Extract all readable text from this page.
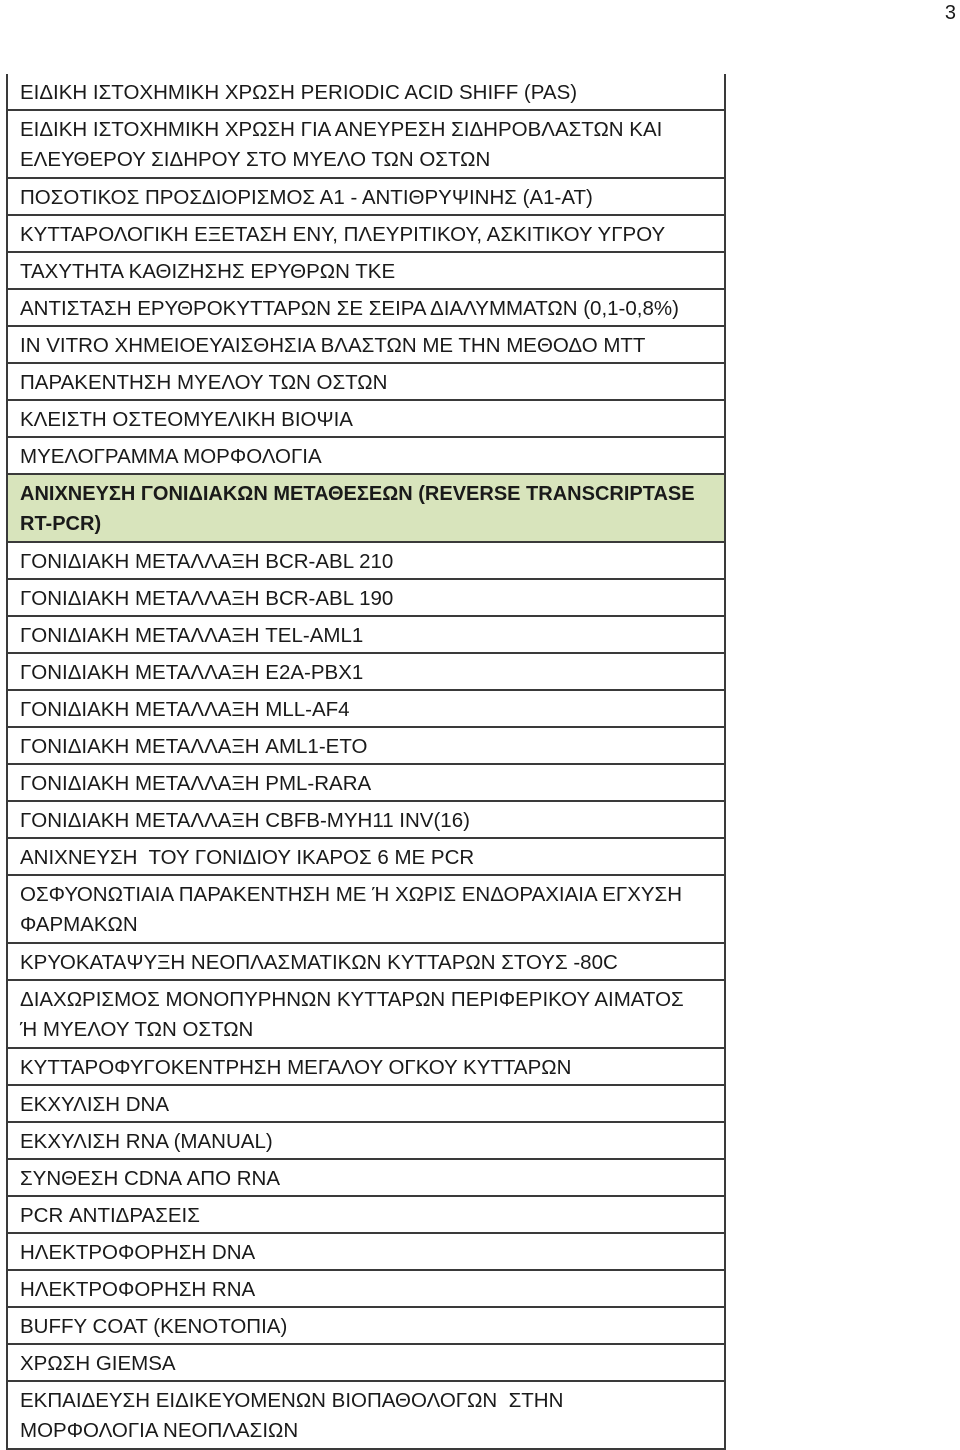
3
ΕΙΔΙΚΗ ΙΣΤΟΧΗΜΙΚΗ ΧΡΩΣΗ PERIODIC ACID SHIFF (PAS)
ΕΙΔΙΚΗ ΙΣΤΟΧΗΜΙΚΗ ΧΡΩΣΗ ΓΙΑ ΑΝΕΥΡΕΣΗ ΣΙΔΗΡΟΒΛΑΣΤΩΝ ΚΑΙ
ΕΛΕΥΘΕΡΟΥ ΣΙΔΗΡΟΥ ΣΤΟ ΜΥΕΛΟ ΤΩΝ ΟΣΤΩΝ
ΠΟΣΟΤΙΚΟΣ ΠΡΟΣΔΙΟΡΙΣΜΟΣ Α1 - ΑΝΤΙΘΡΥΨΙΝΗΣ (Α1-ΑΤ)
ΚΥΤΤΑΡΟΛΟΓΙΚΗ ΕΞΕΤΑΣΗ ΕΝΥ, ΠΛΕΥΡΙΤΙΚΟΥ, ΑΣΚΙΤΙΚΟΥ ΥΓΡΟΥ
ΤΑΧΥΤΗΤΑ ΚΑΘΙΖΗΣΗΣ ΕΡΥΘΡΩΝ ΤΚΕ
ΑΝΤΙΣΤΑΣΗ ΕΡΥΘΡΟΚΥΤΤΑΡΩΝ ΣΕ ΣΕΙΡΑ ΔΙΑΛΥΜΜΑΤΩΝ (0,1-0,8%)
IN VITRO ΧΗΜΕΙΟΕΥΑΙΣΘΗΣΙΑ ΒΛΑΣΤΩΝ ΜΕ ΤΗΝ ΜΕΘΟΔΟ ΜΤΤ
ΠΑΡΑΚΕΝΤΗΣΗ ΜΥΕΛΟΥ ΤΩΝ ΟΣΤΩΝ
ΚΛΕΙΣΤΗ ΟΣΤΕΟΜΥΕΛΙΚΗ ΒΙΟΨΙΑ
ΜΥΕΛΟΓΡΑΜΜΑ ΜΟΡΦΟΛΟΓΙΑ
ΑΝΙΧΝΕΥΣΗ ΓΟΝΙΔΙΑΚΩΝ ΜΕΤΑΘΕΣΕΩΝ (REVERSE TRANSCRIPTASE
RT-PCR)
ΓΟΝΙΔΙΑΚΗ ΜΕΤΑΛΛΑΞΗ BCR-ABL 210
ΓΟΝΙΔΙΑΚΗ ΜΕΤΑΛΛΑΞΗ BCR-ABL 190
ΓΟΝΙΔΙΑΚΗ ΜΕΤΑΛΛΑΞΗ TEL-AML1
ΓΟΝΙΔΙΑΚΗ ΜΕΤΑΛΛΑΞΗ E2A-PBX1
ΓΟΝΙΔΙΑΚΗ ΜΕΤΑΛΛΑΞΗ MLL-AF4
ΓΟΝΙΔΙΑΚΗ ΜΕΤΑΛΛΑΞΗ AML1-ETO
ΓΟΝΙΔΙΑΚΗ ΜΕΤΑΛΛΑΞΗ PML-RARA
ΓΟΝΙΔΙΑΚΗ ΜΕΤΑΛΛΑΞΗ CBFB-MYH11 INV(16)
ΑΝΙΧΝΕΥΣΗ  ΤΟΥ ΓΟΝΙΔΙΟΥ ΙΚΑΡΟΣ 6 ΜΕ PCR
ΟΣΦΥΟΝΩΤΙΑΙΑ ΠΑΡΑΚΕΝΤΗΣΗ ΜΕ Ή ΧΩΡΙΣ ΕΝΔΟΡΑΧΙΑΙΑ ΕΓΧΥΣΗ
ΦΑΡΜΑΚΩΝ
ΚΡΥΟΚΑΤΑΨΥΞΗ ΝΕΟΠΛΑΣΜΑΤΙΚΩΝ ΚΥΤΤΑΡΩΝ ΣΤΟΥΣ -80C
ΔΙΑΧΩΡΙΣΜΟΣ ΜΟΝΟΠΥΡΗΝΩΝ ΚΥΤΤΑΡΩΝ ΠΕΡΙΦΕΡΙΚΟΥ ΑΙΜΑΤΟΣ
Ή ΜΥΕΛΟΥ ΤΩΝ ΟΣΤΩΝ
ΚΥΤΤΑΡΟΦΥΓΟΚΕΝΤΡΗΣΗ ΜΕΓΑΛΟΥ ΟΓΚΟΥ ΚΥΤΤΑΡΩΝ
ΕΚΧΥΛΙΣΗ DNA
ΕΚΧΥΛΙΣΗ RNA (MANUAL)
ΣΥΝΘΕΣΗ CDNA ΑΠΟ RNA
PCR ΑΝΤΙΔΡΑΣΕΙΣ
ΗΛΕΚΤΡΟΦΟΡΗΣΗ DNA
ΗΛΕΚΤΡΟΦΟΡΗΣΗ RNA
BUFFY COAT (ΚΕΝΟΤΟΠΙΑ)
ΧΡΩΣΗ GIEMSA
ΕΚΠΑΙΔΕΥΣΗ ΕΙΔΙΚΕΥΟΜΕΝΩΝ ΒΙΟΠΑΘΟΛΟΓΩΝ  ΣΤΗΝ
ΜΟΡΦΟΛΟΓΙΑ ΝΕΟΠΛΑΣΙΩΝ
